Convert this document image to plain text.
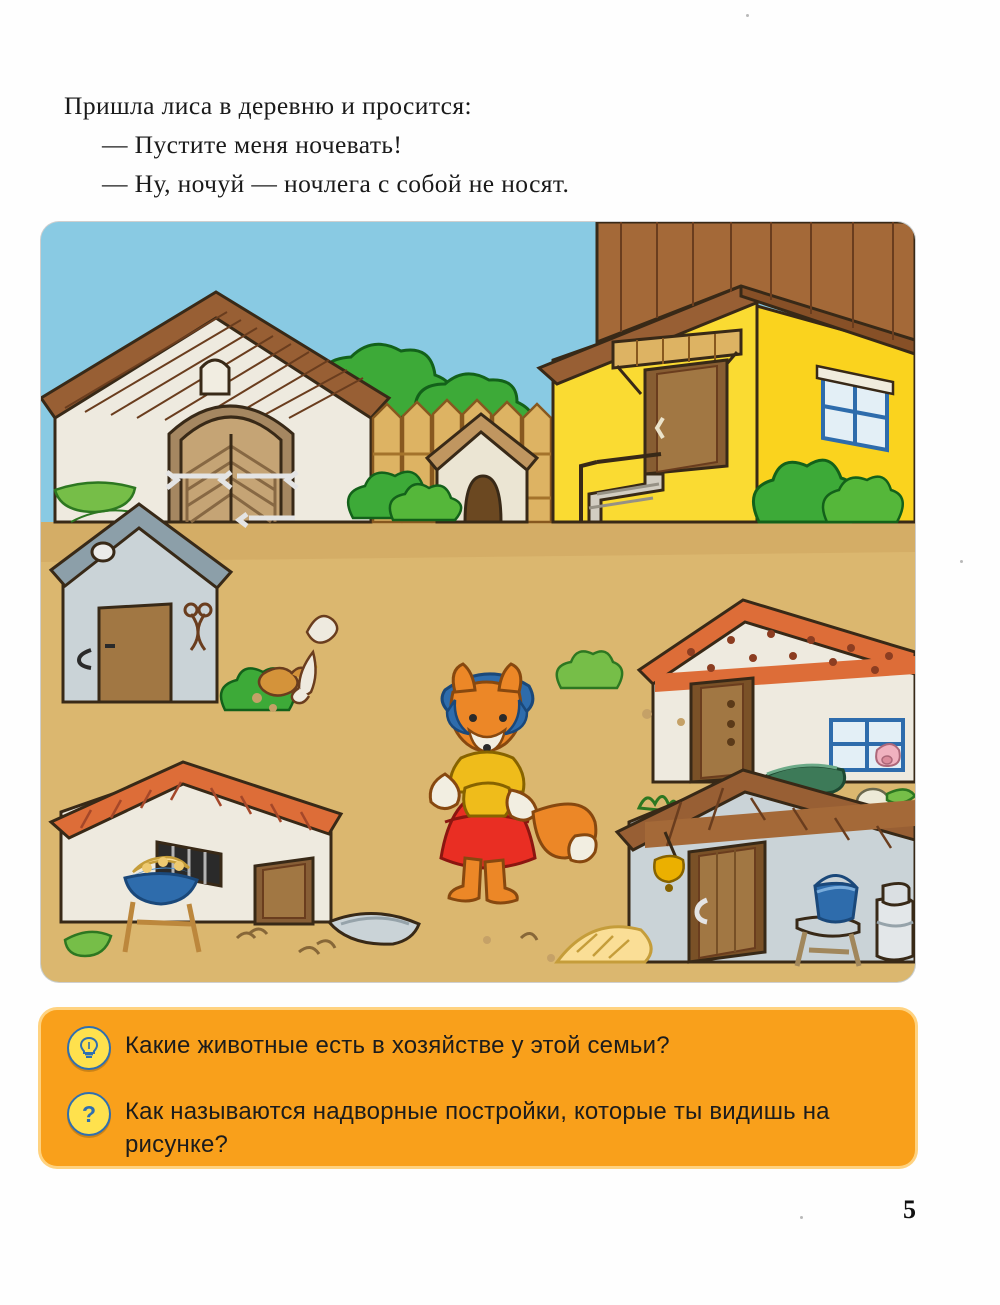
Пришла лиса в деревню и просится:
— Пустите меня ночевать!
— Ну, ночуй — ночлега с собой не носят.
Какие животные есть в хозяйстве у этой семьи?
?	Как называются надворные постройки, которые ты видишь на рисунке?
5
